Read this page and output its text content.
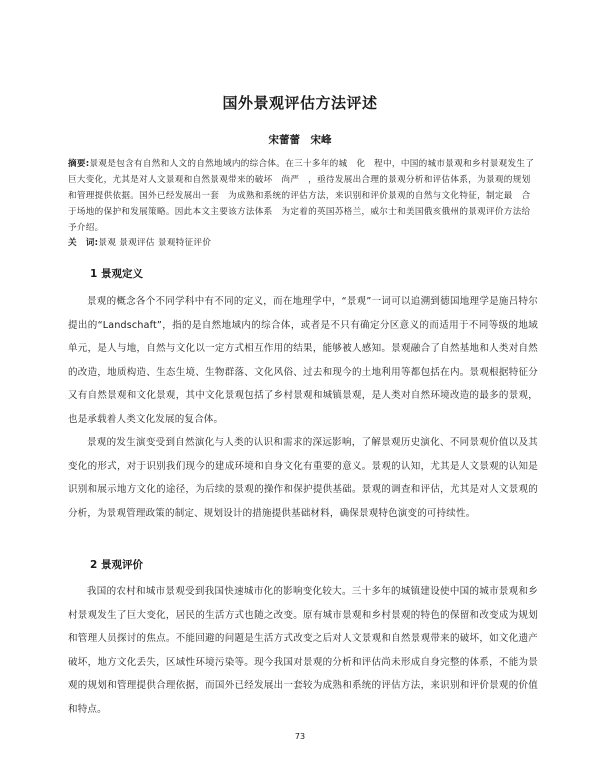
国外景观评估方法评述
宋蕾蕾　宋峰
摘要:景观是包含有自然和人文的自然地域内的综合体。在三十多年的城　化　程中，中国的城市景观和乡村景观发生了巨大变化，尤其是对人文景观和自然景观带来的破坏　尚严　，亟待发展出合理的景观分析和评估体系，为景观的规划和管理提供依据。国外已经发展出一套　为成熟和系统的评估方法，来识别和评价景观的自然与文化特征，制定最　合于场地的保护和发展策略。因此本文主要该方法体系　为定着的英国苏格兰，威尔士和美国俄亥俄州的景观评价方法给予介绍。
关　词:景观 景观评估 景观特征评价
1 景观定义
景观的概念各个不同学科中有不同的定义，而在地理学中，“景观”一词可以追溯到德国地理学是施吕特尔提出的“Landschaft”，指的是自然地域内的综合体，或者是不只有确定分区意义的而适用于不同等级的地域单元，是人与地，自然与文化以一定方式相互作用的结果，能够被人感知。景观融合了自然基地和人类对自然的改造，地质构造、生态生境、生物群落、文化风俗、过去和现今的土地利用等都包括在内。景观根据特征分又有自然景观和文化景观，其中文化景观包括了乡村景观和城镇景观，是人类对自然环境改造的最多的景观，也是承载着人类文化发展的复合体。
景观的发生演变受到自然演化与人类的认识和需求的深远影响，了解景观历史演化、不同景观价值以及其变化的形式，对于识别我们现今的建成环境和自身文化有重要的意义。景观的认知，尤其是人文景观的认知是识别和展示地方文化的途径，为后续的景观的操作和保护提供基础。景观的调查和评估，尤其是对人文景观的分析，为景观管理政策的制定、规划设计的措施提供基础材料，确保景观特色演变的可持续性。
2 景观评价
我国的农村和城市景观受到我国快速城市化的影响变化较大。三十多年的城镇建设使中国的城市景观和乡村景观发生了巨大变化，居民的生活方式也随之改变。原有城市景观和乡村景观的特色的保留和改变成为规划和管理人员探讨的焦点。不能回避的问题是生活方式改变之后对人文景观和自然景观带来的破坏，如文化遗产破坏，地方文化丢失，区域性环境污染等。现今我国对景观的分析和评估尚未形成自身完整的体系，不能为景观的规划和管理提供合理依据，而国外已经发展出一套较为成熟和系统的评估方法，来识别和评价景观的价值和特点。
73
